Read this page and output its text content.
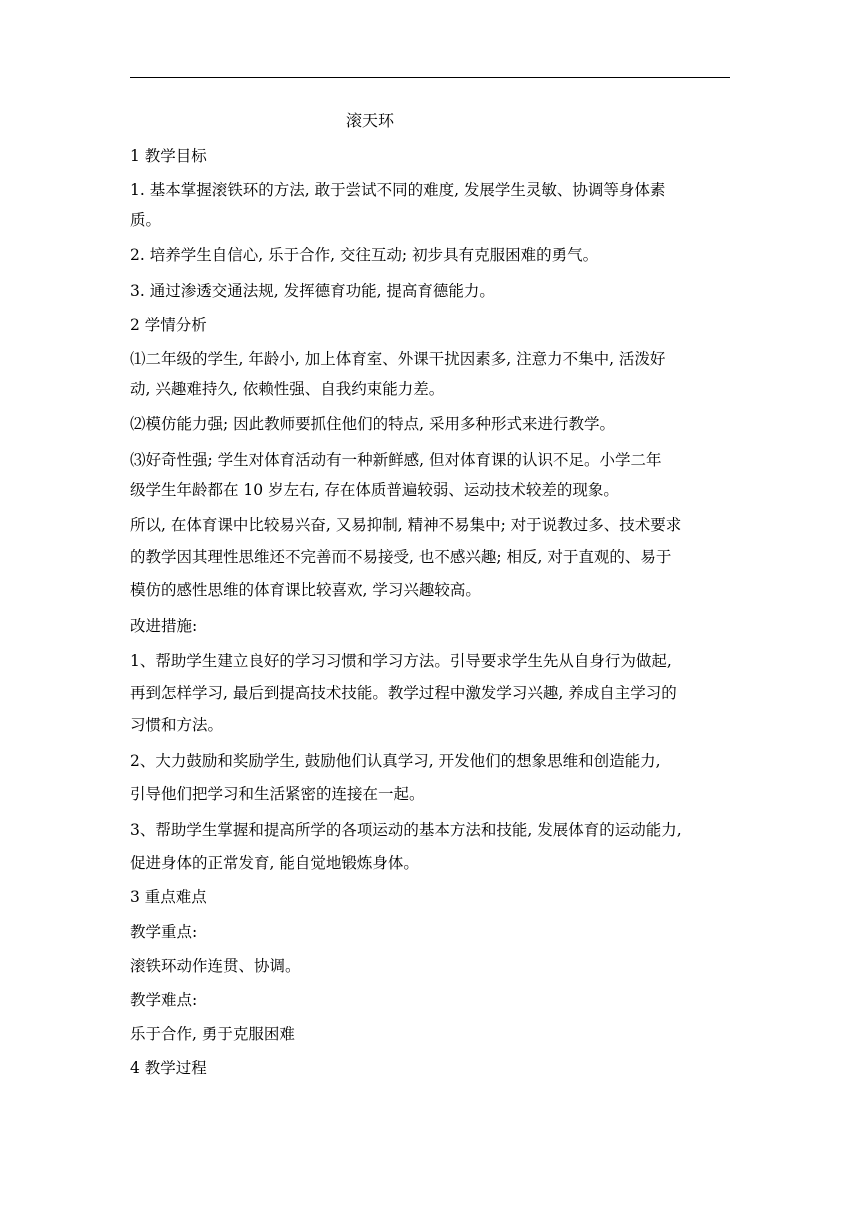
滚天环
1 教学目标
1. 基本掌握滚铁环的方法, 敢于尝试不同的难度, 发展学生灵敏、协调等身体素
质。
2. 培养学生自信心, 乐于合作, 交往互动; 初步具有克服困难的勇气。
3. 通过渗透交通法规, 发挥德育功能, 提高育德能力。
2 学情分析
⑴二年级的学生, 年龄小, 加上体育室、外课干扰因素多, 注意力不集中, 活泼好
动, 兴趣难持久, 依赖性强、自我约束能力差。
⑵模仿能力强; 因此教师要抓住他们的特点, 采用多种形式来进行教学。
⑶好奇性强; 学生对体育活动有一种新鲜感, 但对体育课的认识不足。小学二年
级学生年龄都在 10 岁左右, 存在体质普遍较弱、运动技术较差的现象。
所以, 在体育课中比较易兴奋, 又易抑制, 精神不易集中; 对于说教过多、技术要求
的教学因其理性思维还不完善而不易接受, 也不感兴趣; 相反, 对于直观的、易于
模仿的感性思维的体育课比较喜欢, 学习兴趣较高。
改进措施:
1、帮助学生建立良好的学习习惯和学习方法。引导要求学生先从自身行为做起,
再到怎样学习, 最后到提高技术技能。教学过程中激发学习兴趣, 养成自主学习的
习惯和方法。
2、大力鼓励和奖励学生, 鼓励他们认真学习, 开发他们的想象思维和创造能力,
引导他们把学习和生活紧密的连接在一起。
3、帮助学生掌握和提高所学的各项运动的基本方法和技能, 发展体育的运动能力,
促进身体的正常发育, 能自觉地锻炼身体。
3 重点难点
教学重点:
滚铁环动作连贯、协调。
教学难点:
乐于合作, 勇于克服困难
4 教学过程
